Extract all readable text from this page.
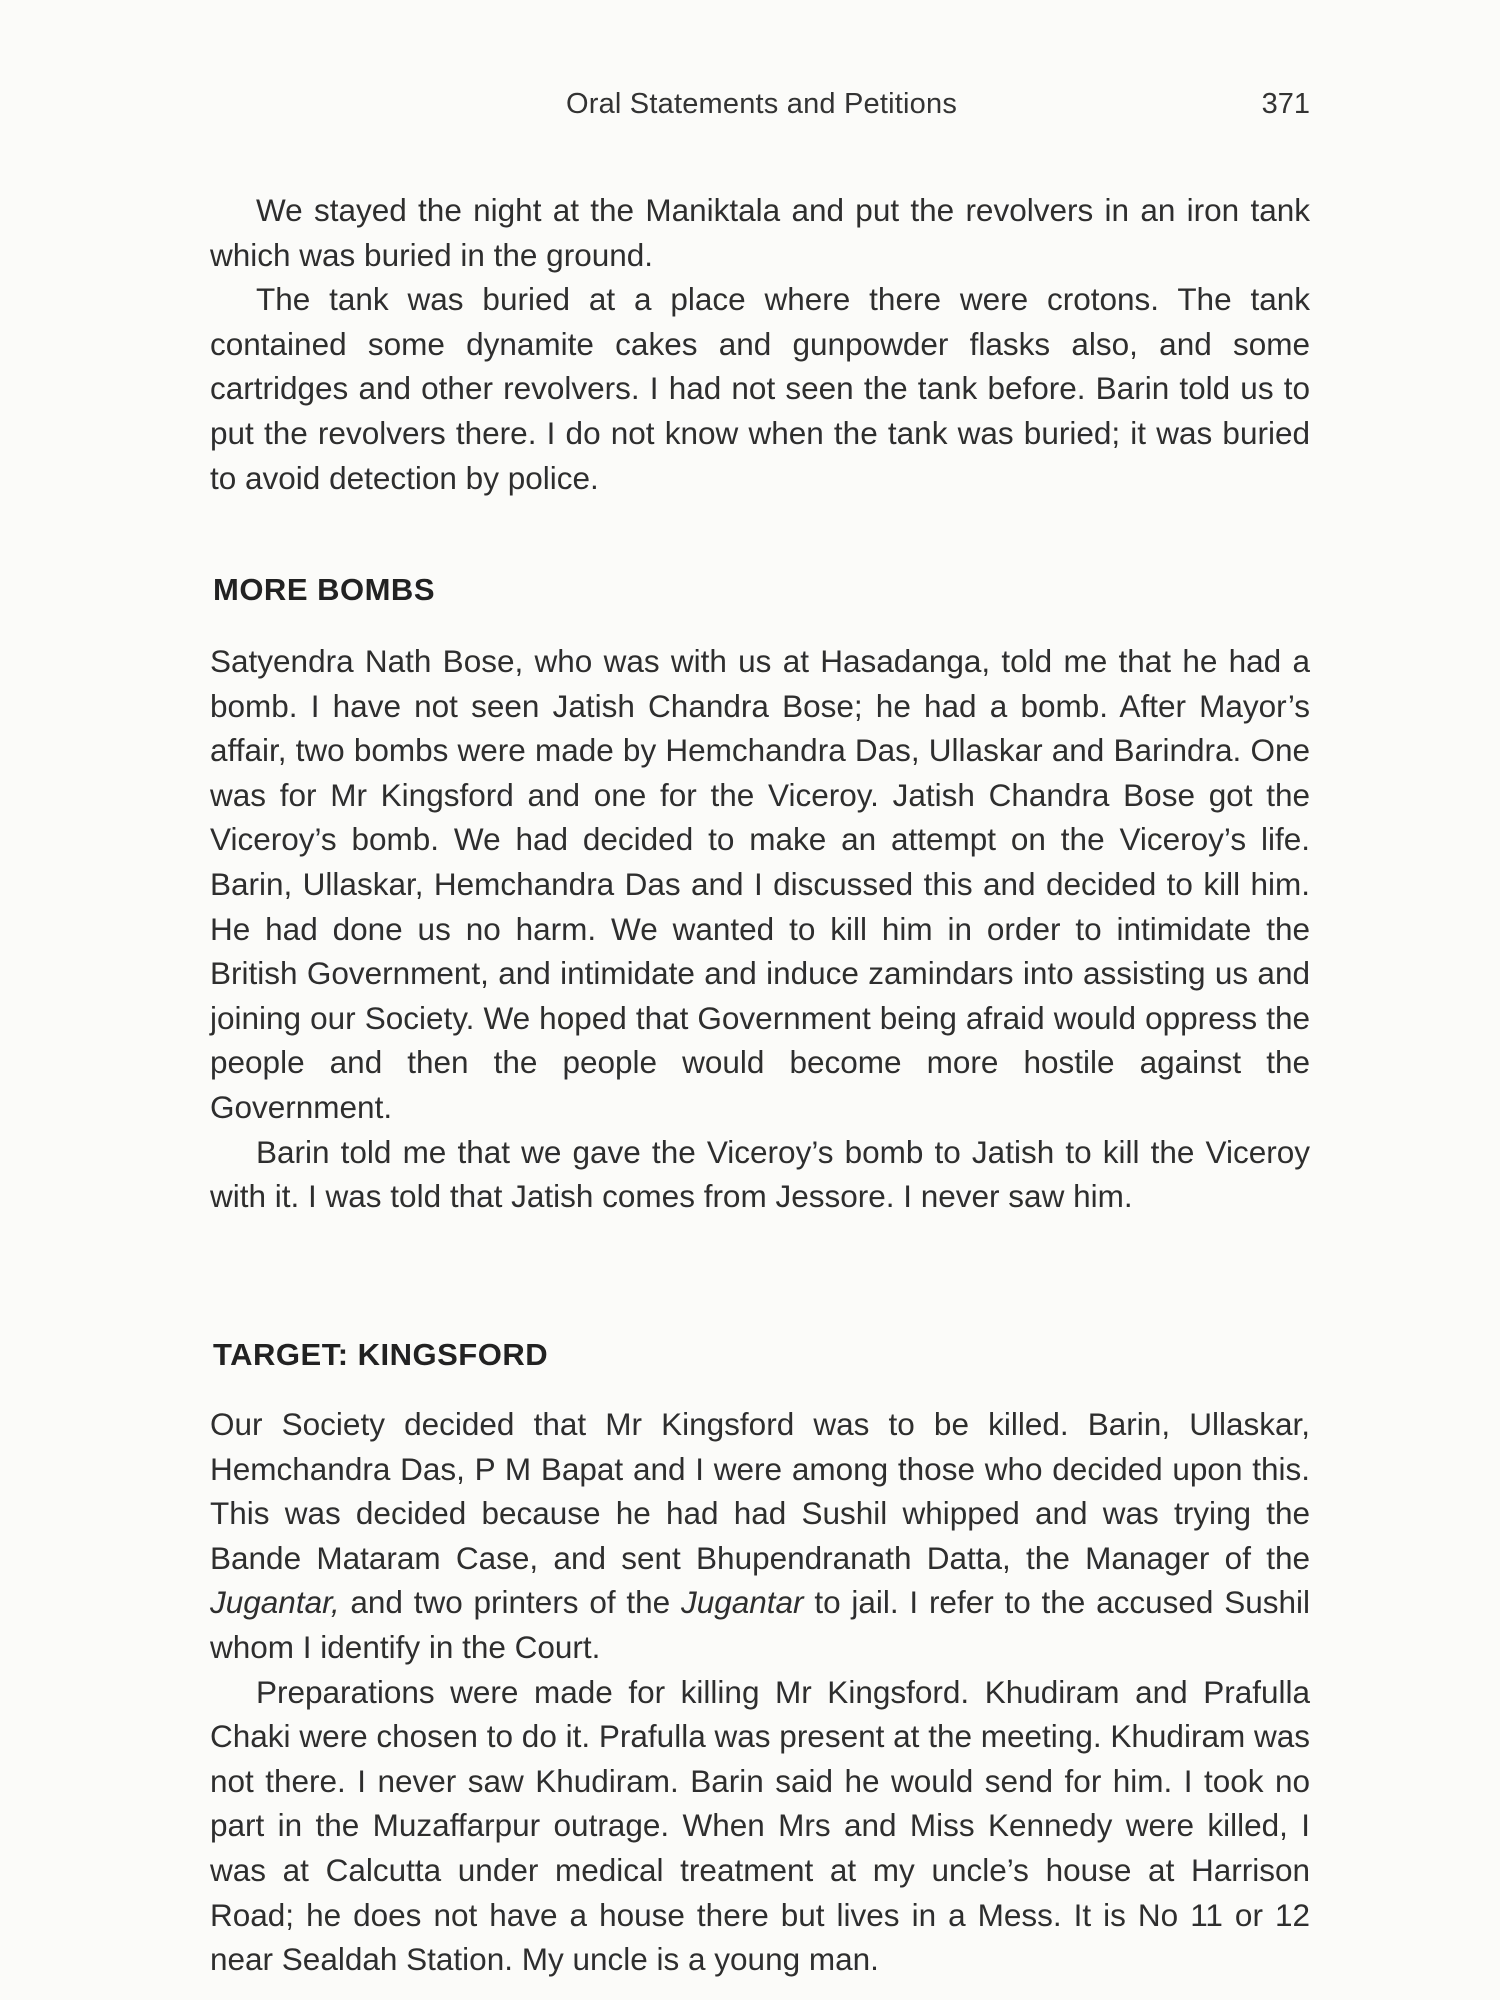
Oral Statements and Petitions	371

We stayed the night at the Maniktala and put the revolvers in an iron tank which was buried in the ground.

The tank was buried at a place where there were crotons. The tank contained some dynamite cakes and gunpowder flasks also, and some cartridges and other revolvers. I had not seen the tank before. Barin told us to put the revolvers there. I do not know when the tank was buried; it was buried to avoid detection by police.

MORE BOMBS

Satyendra Nath Bose, who was with us at Hasadanga, told me that he had a bomb. I have not seen Jatish Chandra Bose; he had a bomb. After Mayor’s affair, two bombs were made by Hemchandra Das, Ullaskar and Barindra. One was for Mr Kingsford and one for the Viceroy. Jatish Chandra Bose got the Viceroy’s bomb. We had decided to make an attempt on the Viceroy’s life. Barin, Ullaskar, Hemchandra Das and I discussed this and decided to kill him. He had done us no harm. We wanted to kill him in order to intimidate the British Government, and intimidate and induce zamindars into assisting us and joining our Society. We hoped that Government being afraid would oppress the people and then the people would become more hostile against the Government.

Barin told me that we gave the Viceroy’s bomb to Jatish to kill the Viceroy with it. I was told that Jatish comes from Jessore. I never saw him.

TARGET: KINGSFORD

Our Society decided that Mr Kingsford was to be killed. Barin, Ullaskar, Hemchandra Das, P M Bapat and I were among those who decided upon this. This was decided because he had had Sushil whipped and was trying the Bande Mataram Case, and sent Bhupendranath Datta, the Manager of the Jugantar, and two printers of the Jugantar to jail. I refer to the accused Sushil whom I identify in the Court.

Preparations were made for killing Mr Kingsford. Khudiram and Prafulla Chaki were chosen to do it. Prafulla was present at the meeting. Khudiram was not there. I never saw Khudiram. Barin said he would send for him. I took no part in the Muzaffarpur outrage. When Mrs and Miss Kennedy were killed, I was at Calcutta under medical treatment at my uncle’s house at Harrison Road; he does not have a house there but lives in a Mess. It is No 11 or 12 near Sealdah Station. My uncle is a young man.
